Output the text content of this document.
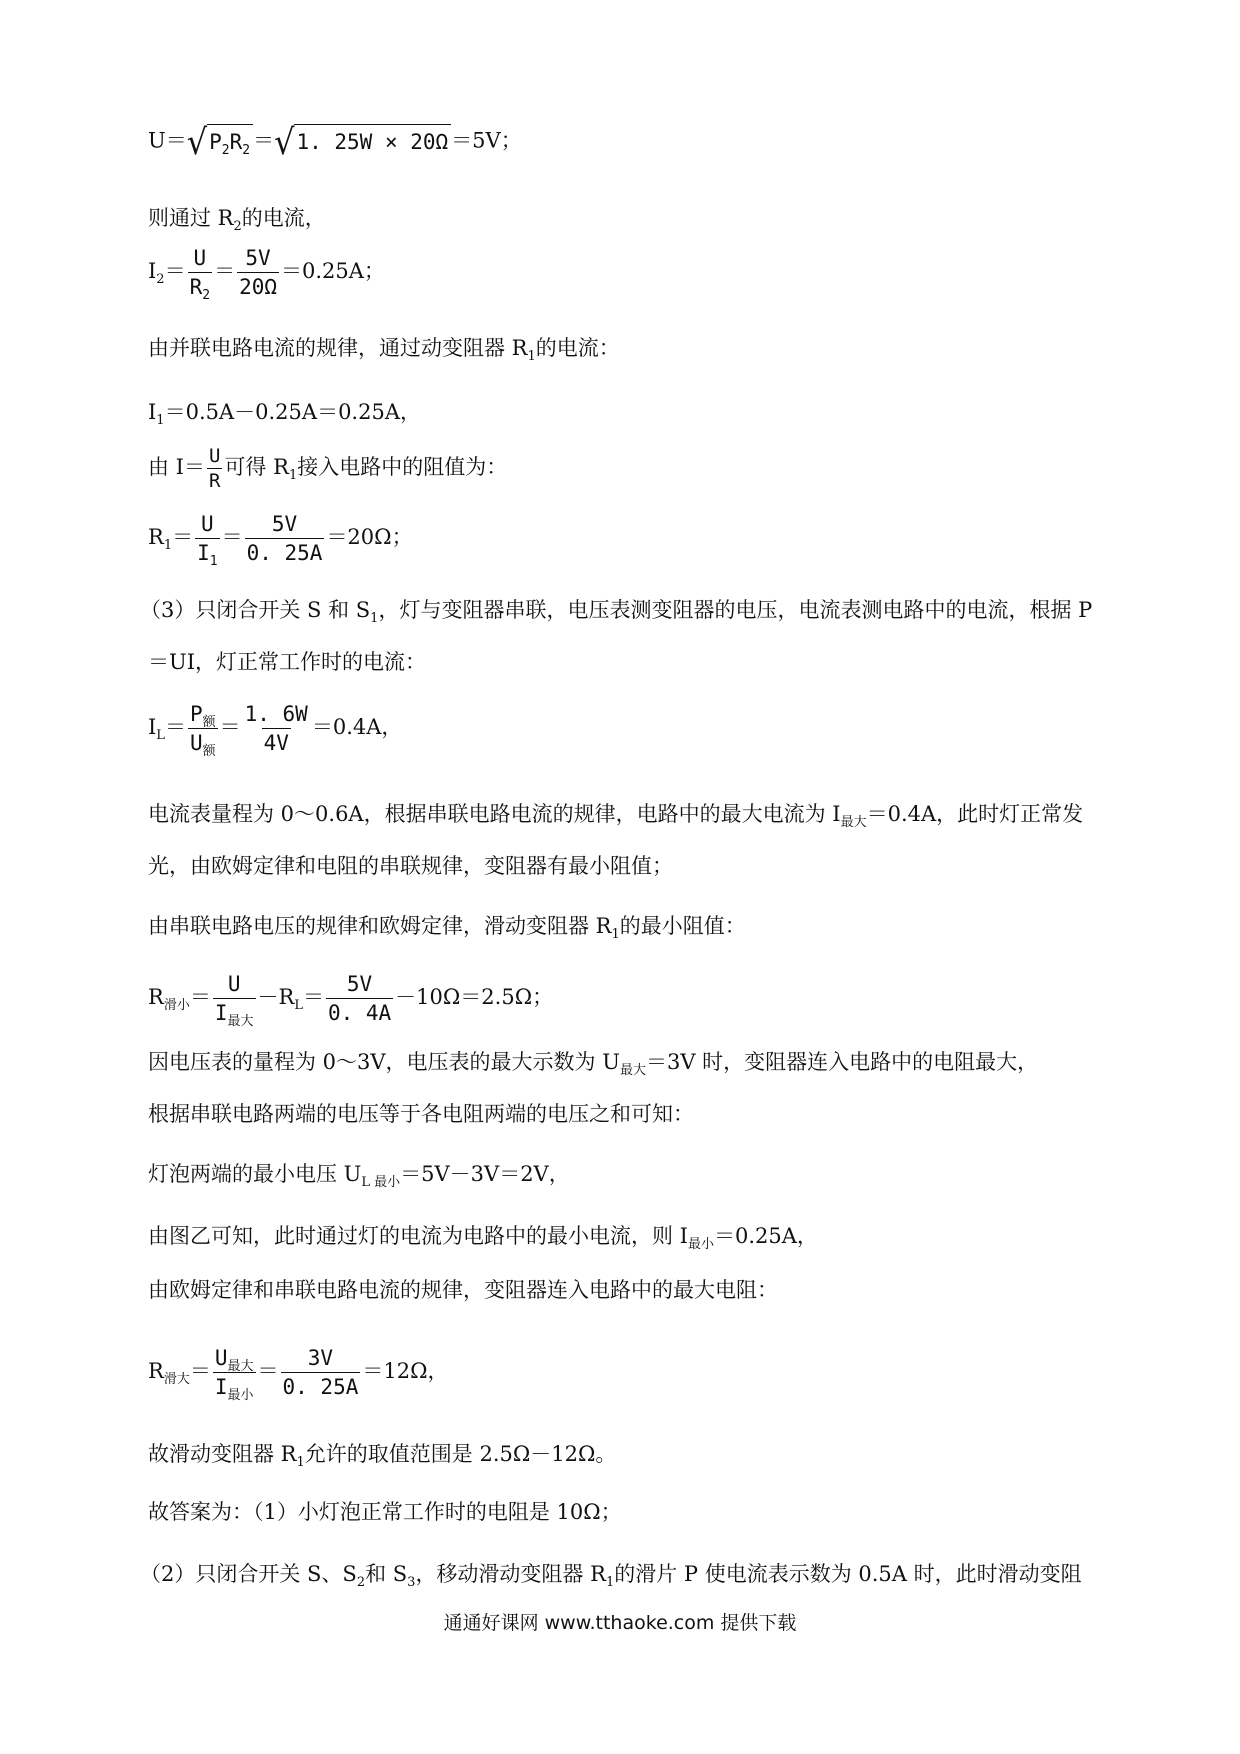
U＝ √ $P_2R_2$ ＝ √ 1. 25W × 20Ω ＝5V；
则通过 $R_2$的电流，
$I_2= \frac{U}{R_2} = \frac{5V}{20\Omega} =0.25A$；
由并联电路电流的规律，通过动变阻器 $R_1$的电流：
$I_1=0.5A-0.25A=0.25A$，
由 $I= \frac{U}{R}$ 可得 $R_1$接入电路中的阻值为：
$R_1= \frac{U}{I_1} = \frac{5V}{0. 25A} =20\Omega$；
（3）只闭合开关 S 和 $S_1$，灯与变阻器串联，电压表测变阻器的电压，电流表测电路中的电流，根据 P
＝UI，灯正常工作时的电流：
$I_L= \frac{P_额}{U_额} = \frac{1. 6W}{4V} =0.4A$，
电流表量程为 0～0.6A，根据串联电路电流的规律，电路中的最大电流为 $I_{最大}=0.4A$，此时灯正常发
光，由欧姆定律和电阻的串联规律，变阻器有最小阻值；
由串联电路电压的规律和欧姆定律，滑动变阻器 $R_1$的最小阻值：
$R_{滑小}= \frac{U}{I_{最大}} -R_L= \frac{5V}{0. 4A} -10\Omega=2.5\Omega$；
因电压表的量程为 0～3V，电压表的最大示数为 $U_{最大}=3V$ 时，变阻器连入电路中的电阻最大，
根据串联电路两端的电压等于各电阻两端的电压之和可知：
灯泡两端的最小电压 $U_{L 最小}=5V-3V=2V$，
由图乙可知，此时通过灯的电流为电路中的最小电流，则 $I_{最小}=0.25A$，
由欧姆定律和串联电路电流的规律，变阻器连入电路中的最大电阻：
$R_{滑大}= \frac{U_{最大}}{I_{最小}} = \frac{3V}{0. 25A} =12\Omega$，
故滑动变阻器 $R_1$允许的取值范围是 2.5Ω－12Ω。
故答案为：（1）小灯泡正常工作时的电阻是 10Ω；
（2）只闭合开关 S、$S_2$和 $S_3$，移动滑动变阻器 $R_1$的滑片 P 使电流表示数为 0.5A 时，此时滑动变阻
通通好课网 www.tthaoke.com 提供下载
